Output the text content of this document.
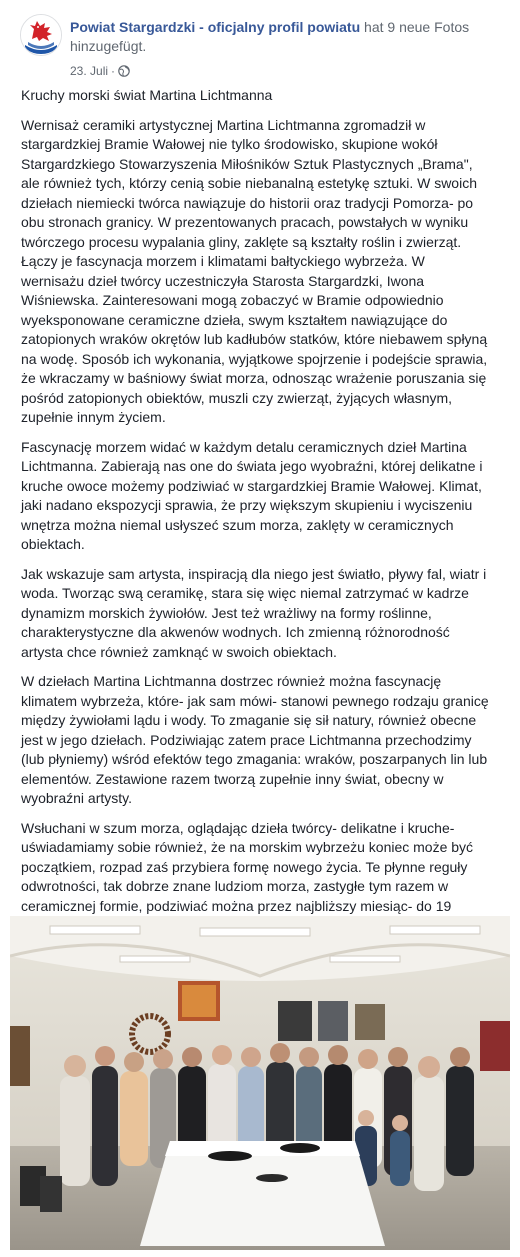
Powiat Stargardzki - oficjalny profil powiatu hat 9 neue Fotos hinzugefügt.
23. Juli ·
Kruchy morski świat Martina Lichtmanna
Wernisaż ceramiki artystycznej Martina Lichtmanna zgromadził w stargardzkiej Bramie Wałowej nie tylko środowisko, skupione wokół Stargardzkiego Stowarzyszenia Miłośników Sztuk Plastycznych „Brama", ale również tych, którzy cenią sobie niebanalną estetykę sztuki. W swoich dziełach niemiecki twórca nawiązuje do historii oraz tradycji Pomorza- po obu stronach granicy. W prezentowanych pracach, powstałych w wyniku twórczego procesu wypalania gliny, zaklęte są kształty roślin i zwierząt. Łączy je fascynacja morzem i klimatami bałtyckiego wybrzeża. W wernisażu dzieł twórcy uczestniczyła Starosta Stargardzki, Iwona Wiśniewska. Zainteresowani mogą zobaczyć w Bramie odpowiednio wyeksponowane ceramiczne dzieła, swym kształtem nawiązujące do zatopionych wraków okrętów lub kadłubów statków, które niebawem spłyną na wodę. Sposób ich wykonania, wyjątkowe spojrzenie i podejście sprawia, że wkraczamy w baśniowy świat morza, odnosząc wrażenie poruszania się pośród zatopionych obiektów, muszli czy zwierząt, żyjących własnym, zupełnie innym życiem.
Fascynację morzem widać w każdym detalu ceramicznych dzieł Martina Lichtmanna. Zabierają nas one do świata jego wyobraźni, której delikatne i kruche owoce możemy podziwiać w stargardzkiej Bramie Wałowej. Klimat, jaki nadano ekspozycji sprawia, że przy większym skupieniu i wyciszeniu wnętrza można niemal usłyszeć szum morza, zaklęty w ceramicznych obiektach.
Jak wskazuje sam artysta, inspiracją dla niego jest światło, pływy fal, wiatr i woda. Tworząc swą ceramikę, stara się więc niemal zatrzymać w kadrze dynamizm morskich żywiołów. Jest też wrażliwy na formy roślinne, charakterystyczne dla akwenów wodnych. Ich zmienną różnorodność artysta chce również zamknąć w swoich obiektach.
W dziełach Martina Lichtmanna dostrzec również można fascynację klimatem wybrzeża, które- jak sam mówi- stanowi pewnego rodzaju granicę między żywiołami lądu i wody. To zmaganie się sił natury, również obecne jest w jego dziełach. Podziwiając zatem prace Lichtmanna przechodzimy (lub płyniemy) wśród efektów tego zmagania: wraków, poszarpanych lin lub elementów. Zestawione razem tworzą zupełnie inny świat, obecny w wyobraźni artysty.
Wsłuchani w szum morza, oglądając dzieła twórcy- delikatne i kruche- uświadamiamy sobie również, że na morskim wybrzeżu koniec może być początkiem, rozpad zaś przybiera formę nowego życia. Te płynne reguły odwrotności, tak dobrze znane ludziom morza, zastygłe tym razem w ceramicznej formie, podziwiać można przez najbliższy miesiąc- do 19
